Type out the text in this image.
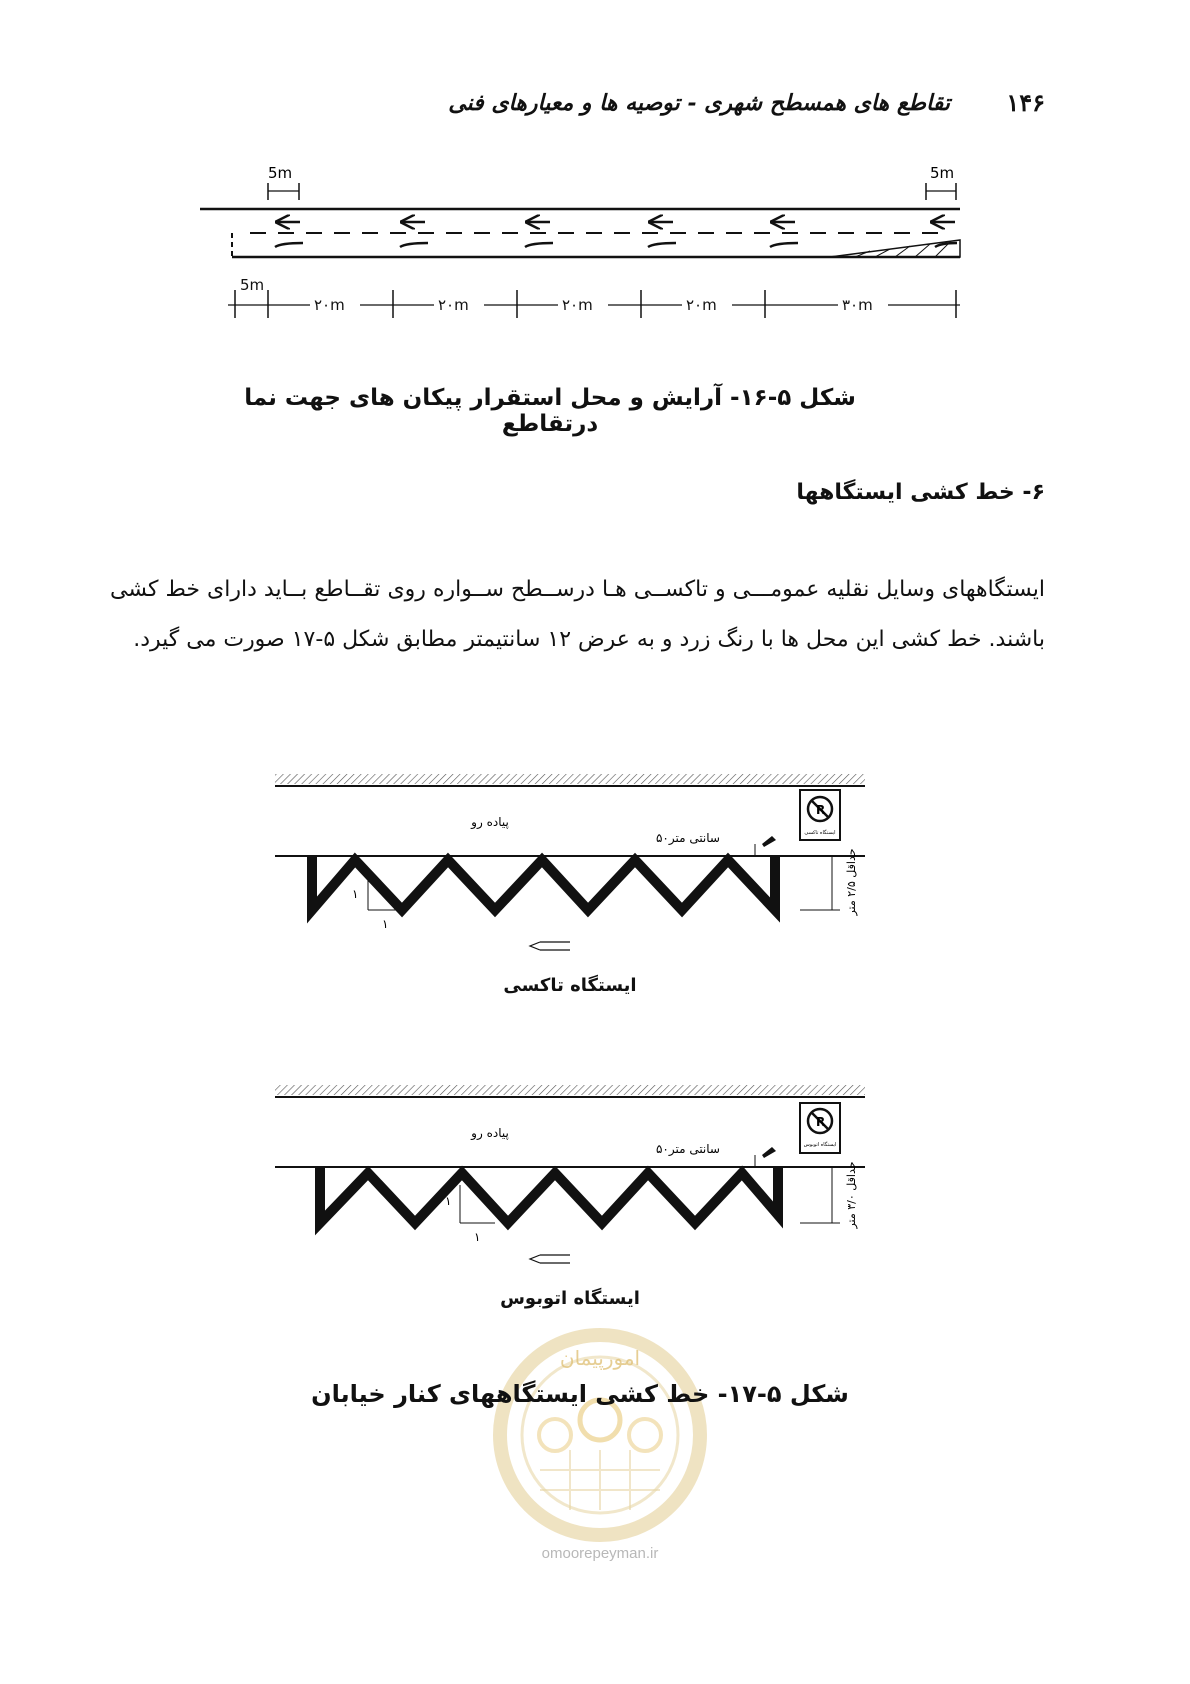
۱۴۶
تقاطع های همسطح شهری - توصیه ها و معیارهای فنی
5m	5m
5m
۲۰m	۲۰m	۲۰m	۲۰m	۳۰m
شکل ۵-۱۶- آرایش و محل استقرار پیکان های جهت نما درتقاطع
۶- خط کشی ایستگاهها
ایستگاههای وسایل نقلیه عمومـــی و تاکســی هـا درســطح ســواره روی تقــاطع بــاید دارای خط کشی باشند. خط کشی این محل ها با رنگ زرد و به عرض ۱۲ سانتیمتر مطابق شکل ۵-۱۷ صورت می گیرد.
۱
۱
حداقل ۲/۵ متر
R
ایستگاه تاکسی
پیاده رو
۵۰سانتی متر
ایستگاه تاکسی
۱
۱
حداقل ۳/۰ متر
R
ایستگاه اتوبوس
پیاده رو
۵۰سانتی متر
ایستگاه اتوبوس
امورپیمان
شکل ۵-۱۷- خط کشی ایستگاههای کنار خیابان
omoorepeyman.ir
